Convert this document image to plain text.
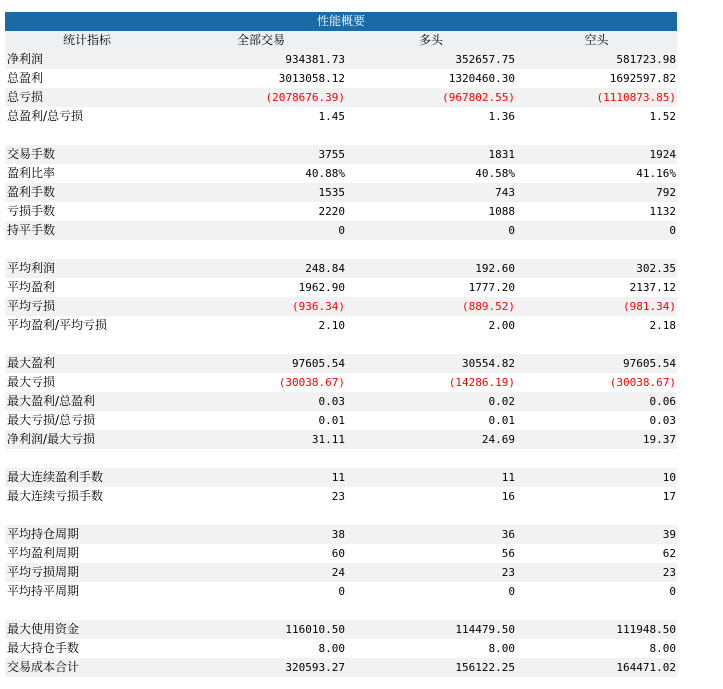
性能概要
统计指标	全部交易	多头	空头
净利润	934381.73	352657.75	581723.98
总盈利	3013058.12	1320460.30	1692597.82
总亏损	(2078676.39)	(967802.55)	(1110873.85)
总盈利/总亏损	1.45	1.36	1.52
交易手数	3755	1831	1924
盈利比率	40.88%	40.58%	41.16%
盈利手数	1535	743	792
亏损手数	2220	1088	1132
持平手数	0	0	0
平均利润	248.84	192.60	302.35
平均盈利	1962.90	1777.20	2137.12
平均亏损	(936.34)	(889.52)	(981.34)
平均盈利/平均亏损	2.10	2.00	2.18
最大盈利	97605.54	30554.82	97605.54
最大亏损	(30038.67)	(14286.19)	(30038.67)
最大盈利/总盈利	0.03	0.02	0.06
最大亏损/总亏损	0.01	0.01	0.03
净利润/最大亏损	31.11	24.69	19.37
最大连续盈利手数	11	11	10
最大连续亏损手数	23	16	17
平均持仓周期	38	36	39
平均盈利周期	60	56	62
平均亏损周期	24	23	23
平均持平周期	0	0	0
最大使用资金	116010.50	114479.50	111948.50
最大持仓手数	8.00	8.00	8.00
交易成本合计	320593.27	156122.25	164471.02
